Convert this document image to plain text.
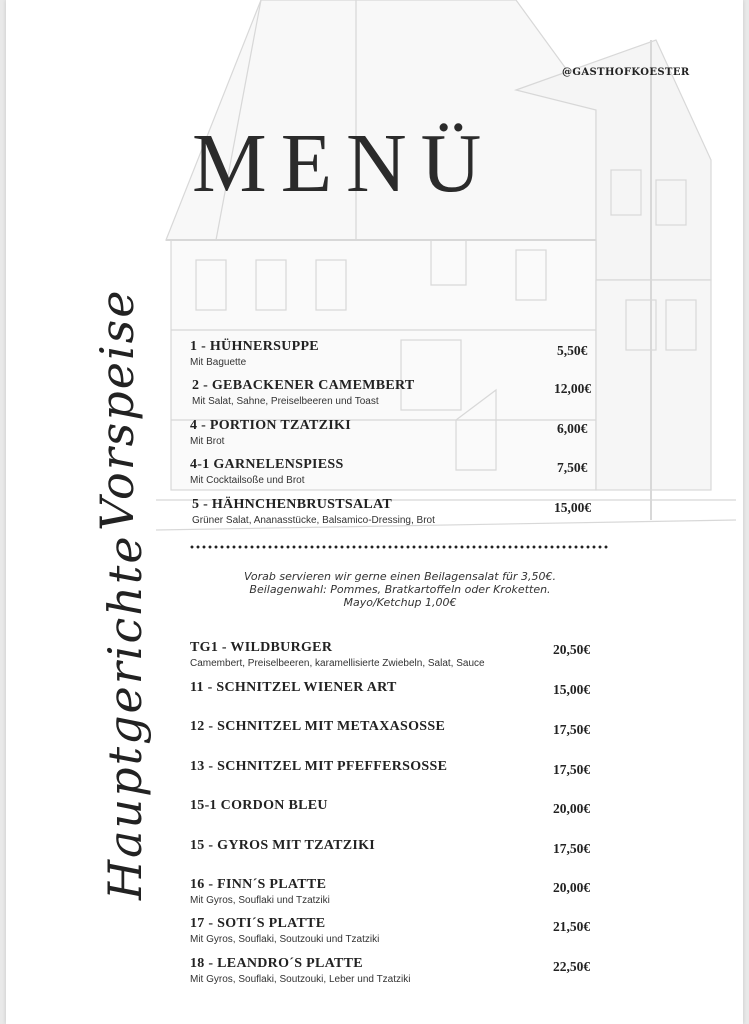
@GASTHOFKOESTER
MENÜ
Vorspeise
Hauptgerichte
1 - HÜHNERSUPPE
Mit Baguette
5,50€
2 - GEBACKENER CAMEMBERT
Mit Salat, Sahne, Preiselbeeren und Toast
12,00€
4 - PORTION TZATZIKI
Mit Brot
6,00€
4-1 GARNELENSPIESS
Mit Cocktailsoße und Brot
7,50€
5 - HÄHNCHENBRUSTSALAT
Grüner Salat, Ananasstücke, Balsamico-Dressing, Brot
15,00€
Vorab servieren wir gerne einen Beilagensalat für 3,50€.
Beilagenwahl: Pommes, Bratkartoffeln oder Kroketten.
Mayo/Ketchup 1,00€
TG1 - WILDBURGER
Camembert, Preiselbeeren, karamellisierte Zwiebeln, Salat, Sauce
20,50€
11 - SCHNITZEL WIENER ART	15,00€
12 - SCHNITZEL MIT METAXASOSSE	17,50€
13 - SCHNITZEL MIT PFEFFERSOSSE	17,50€
15-1 CORDON BLEU	20,00€
15 - GYROS MIT TZATZIKI	17,50€
16 - FINN´S PLATTE
Mit Gyros, Souflaki und Tzatziki
20,00€
17 - SOTI´S PLATTE
Mit Gyros, Souflaki, Soutzouki und Tzatziki
21,50€
18 - LEANDRO´S PLATTE
Mit Gyros, Souflaki, Soutzouki, Leber und Tzatziki
22,50€
